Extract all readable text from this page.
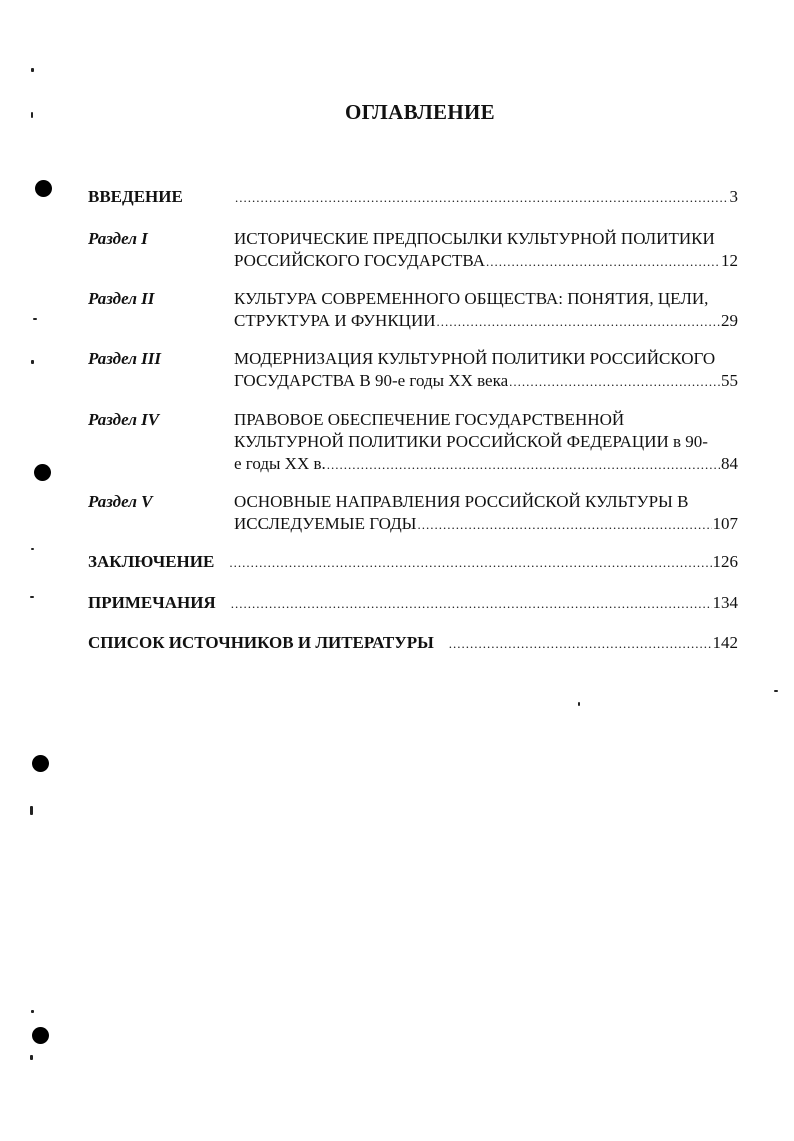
ОГЛАВЛЕНИЕ
ВВЕДЕНИЕ .....	3
Раздел I	ИСТОРИЧЕСКИЕ ПРЕДПОСЫЛКИ КУЛЬТУРНОЙ ПОЛИТИКИ
РОССИЙСКОГО ГОСУДАРСТВА .....	12
Раздел II	КУЛЬТУРА СОВРЕМЕННОГО ОБЩЕСТВА: ПОНЯТИЯ, ЦЕЛИ,
СТРУКТУРА И ФУНКЦИИ .....	29
Раздел III	МОДЕРНИЗАЦИЯ КУЛЬТУРНОЙ ПОЛИТИКИ РОССИЙСКОГО
ГОСУДАРСТВА В 90-е годы XX века .....	55
Раздел IV	ПРАВОВОЕ ОБЕСПЕЧЕНИЕ ГОСУДАРСТВЕННОЙ
КУЛЬТУРНОЙ ПОЛИТИКИ РОССИЙСКОЙ ФЕДЕРАЦИИ в 90-
е годы XX в. .....	84
Раздел V	ОСНОВНЫЕ НАПРАВЛЕНИЯ РОССИЙСКОЙ КУЛЬТУРЫ В
ИССЛЕДУЕМЫЕ ГОДЫ .....	107
ЗАКЛЮЧЕНИЕ .....	126
ПРИМЕЧАНИЯ .....	134
СПИСОК ИСТОЧНИКОВ И ЛИТЕРАТУРЫ .....	142
